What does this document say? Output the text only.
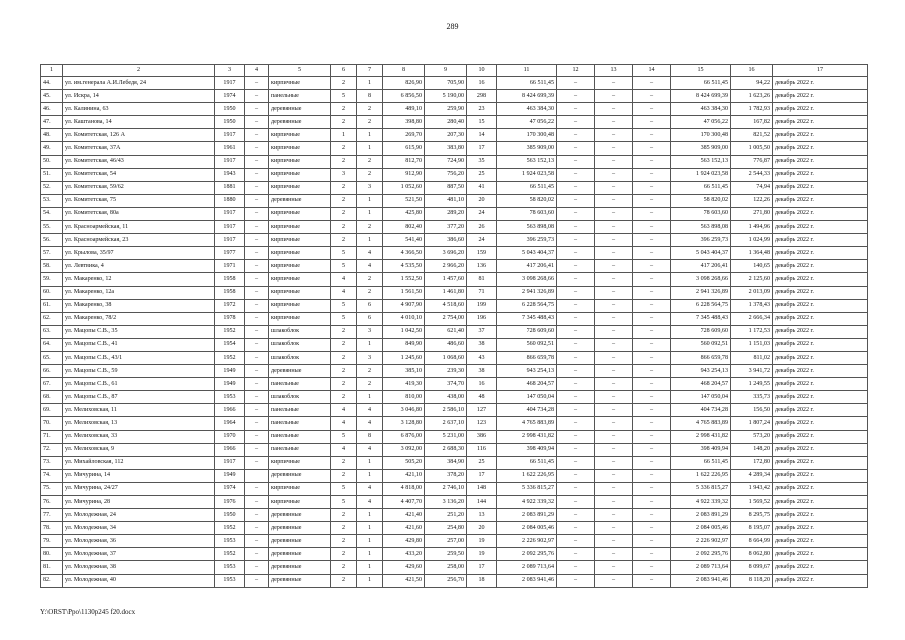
289
1	2	3	4	5	6	7	8	9	10	11	12	13	14	15	16	17
44.	ул. им.генерала А.И.Лебедя, 24	1917	–	кирпичные	2	1	826,90	705,90	16	66 511,45	–	–	–	66 511,45	94,22	декабрь 2022 г.
45.	ул. Искра, 14	1974	–	панельные	5	8	6 856,50	5 190,00	298	8 424 699,39	–	–	–	8 424 699,39	1 623,26	декабрь 2022 г.
46.	ул. Калинина, 63	1950	–	деревянные	2	2	489,10	259,90	23	463 384,30	–	–	–	463 384,30	1 782,93	декабрь 2022 г.
47.	ул. Каштанова, 14	1950	–	деревянные	2	2	398,80	280,40	15	47 056,22	–	–	–	47 056,22	167,82	декабрь 2022 г.
48.	ул. Комитетская, 126 А	1917	–	кирпичные	1	1	269,70	207,30	14	170 300,48	–	–	–	170 300,48	821,52	декабрь 2022 г.
49.	ул. Комитетская, 37А	1961	–	кирпичные	2	1	615,90	383,80	17	385 909,00	–	–	–	385 909,00	1 005,50	декабрь 2022 г.
50.	ул. Комитетская, 46/43	1917	–	кирпичные	2	2	812,70	724,90	35	563 152,13	–	–	–	563 152,13	776,87	декабрь 2022 г.
51.	ул. Комитетская, 54	1943	–	кирпичные	3	2	912,90	756,20	25	1 924 023,58	–	–	–	1 924 023,58	2 544,33	декабрь 2022 г.
52.	ул. Комитетская, 59/62	1881	–	кирпичные	2	3	1 052,60	887,50	41	66 511,45	–	–	–	66 511,45	74,94	декабрь 2022 г.
53.	ул. Комитетская, 75	1880	–	деревянные	2	1	521,50	481,10	20	58 820,02	–	–	–	58 820,02	122,26	декабрь 2022 г.
54.	ул. Комитетская, 80а	1917	–	кирпичные	2	1	425,80	289,20	24	78 603,60	–	–	–	78 603,60	271,80	декабрь 2022 г.
55.	ул. Красноармейская, 11	1917	–	кирпичные	2	2	802,40	377,20	26	563 898,08	–	–	–	563 898,08	1 494,96	декабрь 2022 г.
56.	ул. Красноармейская, 23	1917	–	кирпичные	2	1	541,40	386,60	24	396 259,73	–	–	–	396 259,73	1 024,99	декабрь 2022 г.
57.	ул. Крылова, 35/97	1977	–	кирпичные	5	4	4 366,50	3 696,20	159	5 043 404,37	–	–	–	5 043 404,37	1 364,48	декабрь 2022 г.
58.	ул. Левтвика, 4	1971	–	кирпичные	5	4	4 535,50	2 966,20	136	417 206,41	–	–	–	417 206,41	140,65	декабрь 2022 г.
59.	ул. Макаренко, 12	1958	–	кирпичные	4	2	1 552,50	1 457,60	81	3 098 268,66	–	–	–	3 098 268,66	2 125,60	декабрь 2022 г.
60.	ул. Макаренко, 12а	1958	–	кирпичные	4	2	1 561,50	1 461,80	71	2 941 326,89	–	–	–	2 941 326,89	2 013,09	декабрь 2022 г.
61.	ул. Макаренко, 38	1972	–	кирпичные	5	6	4 907,90	4 518,60	199	6 228 564,75	–	–	–	6 228 564,75	1 378,43	декабрь 2022 г.
62.	ул. Макаренко, 78/2	1978	–	кирпичные	5	6	4 010,10	2 754,00	196	7 345 488,43	–	–	–	7 345 488,43	2 666,34	декабрь 2022 г.
63.	ул. Мацопы С.В., 35	1952	–	шлакоблок	2	3	1 042,50	621,40	37	728 609,60	–	–	–	728 609,60	1 172,53	декабрь 2022 г.
64.	ул. Мацопы С.В., 41	1954	–	шлакоблок	2	1	849,90	486,60	38	560 092,51	–	–	–	560 092,51	1 151,03	декабрь 2022 г.
65.	ул. Мацопы С.В., 43/1	1952	–	шлакоблок	2	3	1 245,60	1 068,60	43	866 659,78	–	–	–	866 659,78	811,02	декабрь 2022 г.
66.	ул. Мацопы С.В., 59	1949	–	деревянные	2	2	385,10	239,30	38	943 254,13	–	–	–	943 254,13	3 941,72	декабрь 2022 г.
67.	ул. Мацопы С.В., 61	1949	–	панельные	2	2	419,30	374,70	16	468 204,57	–	–	–	468 204,57	1 249,55	декабрь 2022 г.
68.	ул. Мацопы С.В., 87	1953	–	шлакоблок	2	1	810,00	438,00	48	147 050,04	–	–	–	147 050,04	335,73	декабрь 2022 г.
69.	ул. Мелиховская, 11	1966	–	панельные	4	4	3 046,80	2 586,10	127	404 734,28	–	–	–	404 734,28	156,50	декабрь 2022 г.
70.	ул. Мелиховская, 13	1964	–	панельные	4	4	3 128,80	2 637,10	123	4 765 883,89	–	–	–	4 765 883,89	1 807,24	декабрь 2022 г.
71.	ул. Мелиховская, 33	1970	–	панельные	5	8	6 876,00	5 231,00	386	2 998 431,82	–	–	–	2 998 431,82	573,20	декабрь 2022 г.
72.	ул. Мелиховская, 9	1966	–	панельные	4	4	3 092,00	2 688,30	116	398 409,94	–	–	–	398 409,94	148,20	декабрь 2022 г.
73.	ул. Михайловская, 112	1917	–	кирпичные	2	1	505,20	384,90	25	66 511,45	–	–	–	66 511,45	172,80	декабрь 2022 г.
74.	ул. Мичурина, 14	1949		деревянные	2	1	421,10	378,20	17	1 622 226,95	–	–	–	1 622 226,95	4 289,34	декабрь 2022 г.
75.	ул. Мичурина, 24/27	1974	–	кирпичные	5	4	4 818,00	2 746,10	148	5 336 815,27	–	–	–	5 336 815,27	1 943,42	декабрь 2022 г.
76.	ул. Мичурина, 28	1976	–	кирпичные	5	4	4 407,70	3 136,20	144	4 922 339,32	–	–	–	4 922 339,32	1 569,52	декабрь 2022 г.
77.	ул. Молодежная, 24	1950	–	деревянные	2	1	421,40	251,20	13	2 083 891,29	–	–	–	2 083 891,29	8 295,75	декабрь 2022 г.
78.	ул. Молодежная, 34	1952	–	деревянные	2	1	421,60	254,80	20	2 084 005,46	–	–	–	2 084 005,46	8 195,07	декабрь 2022 г.
79.	ул. Молодежная, 36	1953	–	деревянные	2	1	429,80	257,00	19	2 226 902,97	–	–	–	2 226 902,97	8 664,99	декабрь 2022 г.
80.	ул. Молодежная, 37	1952	–	деревянные	2	1	433,20	259,50	19	2 092 295,76	–	–	–	2 092 295,76	8 062,80	декабрь 2022 г.
81.	ул. Молодежная, 38	1953	–	деревянные	2	1	429,60	258,00	17	2 089 713,64	–	–	–	2 089 713,64	8 099,67	декабрь 2022 г.
82.	ул. Молодежная, 40	1953	–	деревянные	2	1	421,50	256,70	18	2 083 941,46	–	–	–	2 083 941,46	8 118,20	декабрь 2022 г.
Y:\ORST\Ppo\1130p245 f20.docx
